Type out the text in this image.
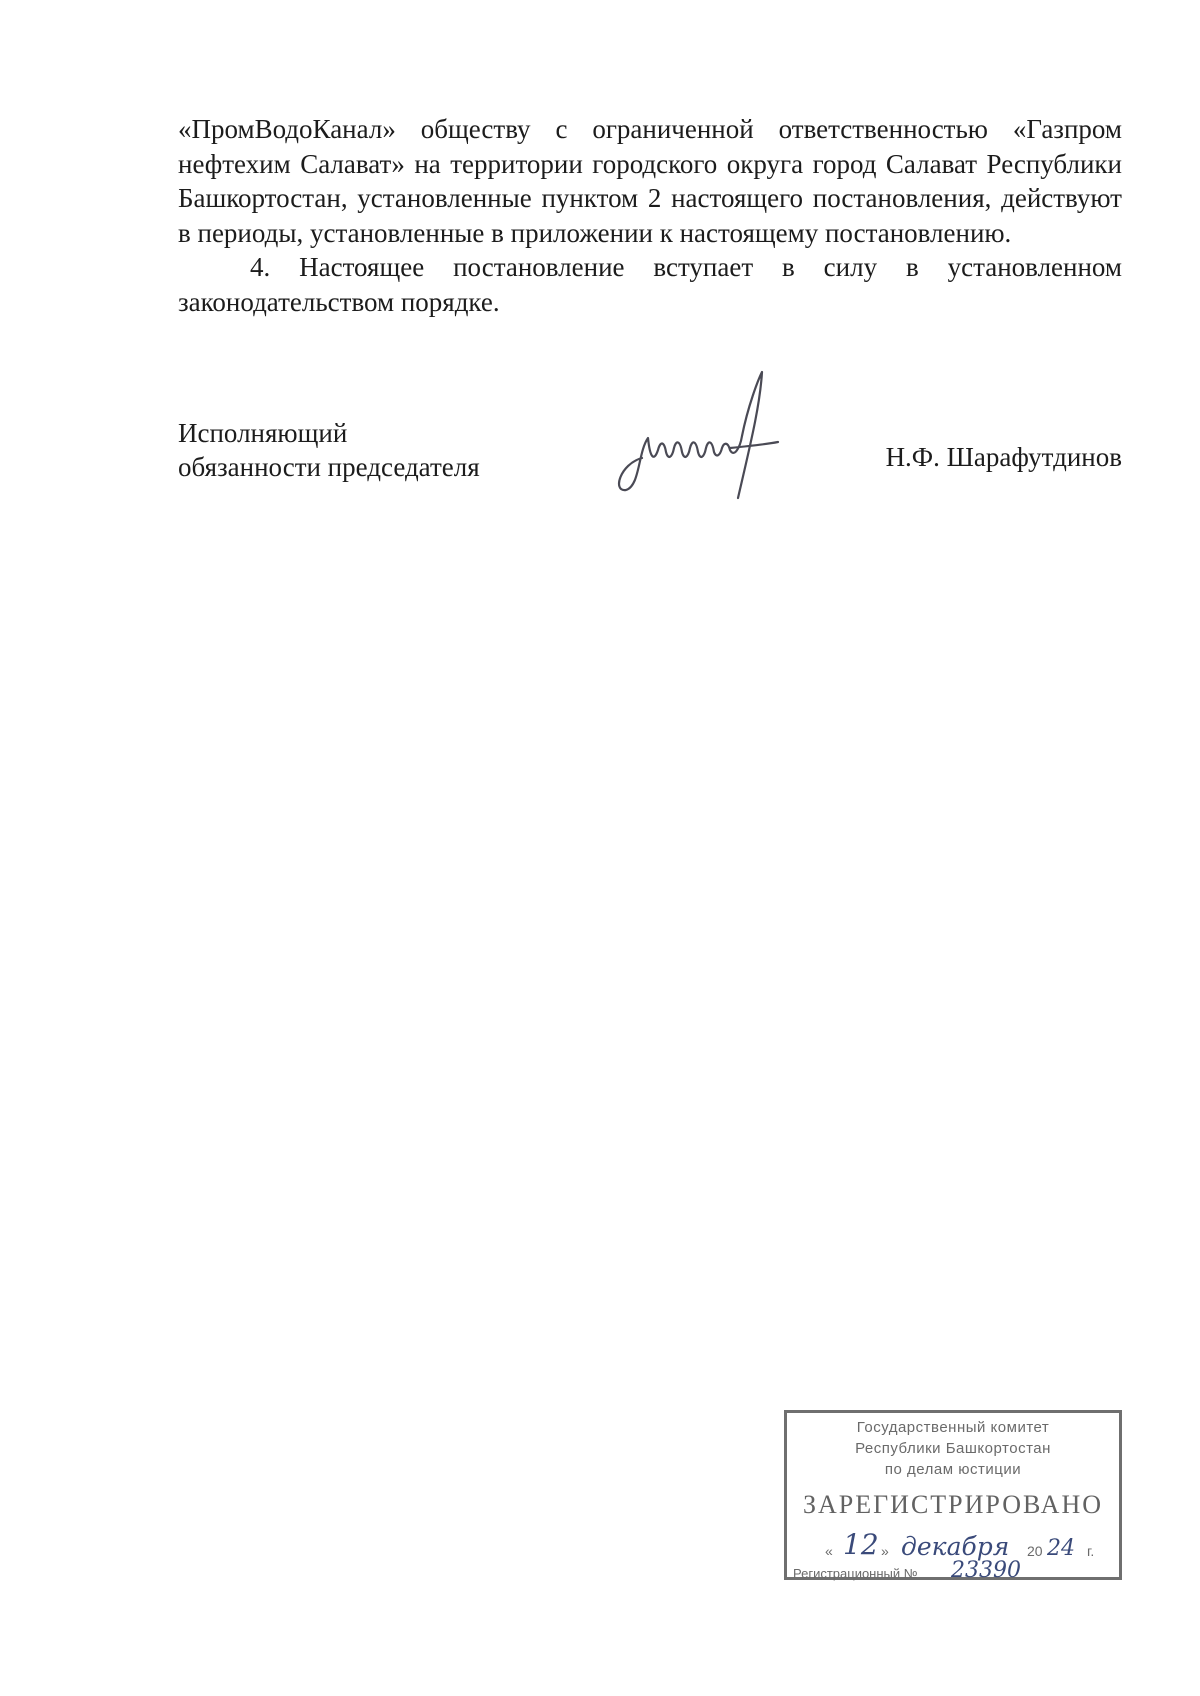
«ПромВодоКанал» обществу с ограниченной ответственностью «Газпром нефтехим Салават» на территории городского округа город Салават Республики Башкортостан, установленные пунктом 2 настоящего постановления, действуют в периоды, установленные в приложении к настоящему постановлению.

4. Настоящее постановление вступает в силу в установленном законодательством порядке.

Исполняющий
обязанности председателя	Н.Ф. Шарафутдинов
Государственный комитет
Республики Башкортостан
по делам юстиции
ЗАРЕГИСТРИРОВАНО
« 12 » декабря 20 24 г.
Регистрационный № 23390
